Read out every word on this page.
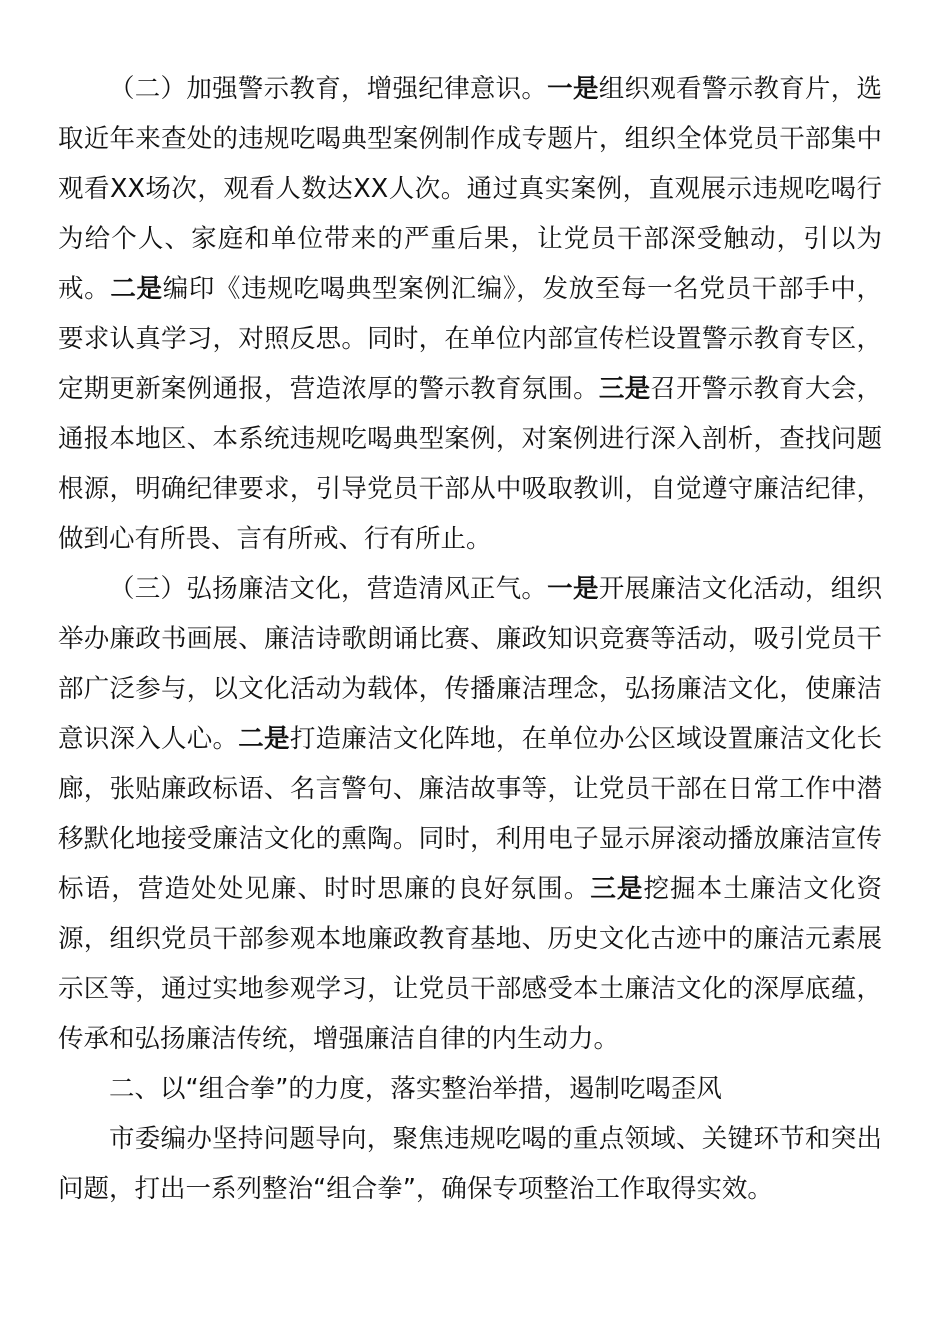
（二）加强警示教育，增强纪律意识。一是组织观看警示教育片，选取近年来查处的违规吃喝典型案例制作成专题片，组织全体党员干部集中观看XX场次，观看人数达XX人次。通过真实案例，直观展示违规吃喝行为给个人、家庭和单位带来的严重后果，让党员干部深受触动，引以为戒。二是编印《违规吃喝典型案例汇编》，发放至每一名党员干部手中，要求认真学习，对照反思。同时，在单位内部宣传栏设置警示教育专区，定期更新案例通报，营造浓厚的警示教育氛围。三是召开警示教育大会，通报本地区、本系统违规吃喝典型案例，对案例进行深入剖析，查找问题根源，明确纪律要求，引导党员干部从中吸取教训，自觉遵守廉洁纪律，做到心有所畏、言有所戒、行有所止。

（三）弘扬廉洁文化，营造清风正气。一是开展廉洁文化活动，组织举办廉政书画展、廉洁诗歌朗诵比赛、廉政知识竞赛等活动，吸引党员干部广泛参与，以文化活动为载体，传播廉洁理念，弘扬廉洁文化，使廉洁意识深入人心。二是打造廉洁文化阵地，在单位办公区域设置廉洁文化长廊，张贴廉政标语、名言警句、廉洁故事等，让党员干部在日常工作中潜移默化地接受廉洁文化的熏陶。同时，利用电子显示屏滚动播放廉洁宣传标语，营造处处见廉、时时思廉的良好氛围。三是挖掘本土廉洁文化资源，组织党员干部参观本地廉政教育基地、历史文化古迹中的廉洁元素展示区等，通过实地参观学习，让党员干部感受本土廉洁文化的深厚底蕴，传承和弘扬廉洁传统，增强廉洁自律的内生动力。

二、以“组合拳”的力度，落实整治举措，遏制吃喝歪风

市委编办坚持问题导向，聚焦违规吃喝的重点领域、关键环节和突出问题，打出一系列整治“组合拳”，确保专项整治工作取得实效。
